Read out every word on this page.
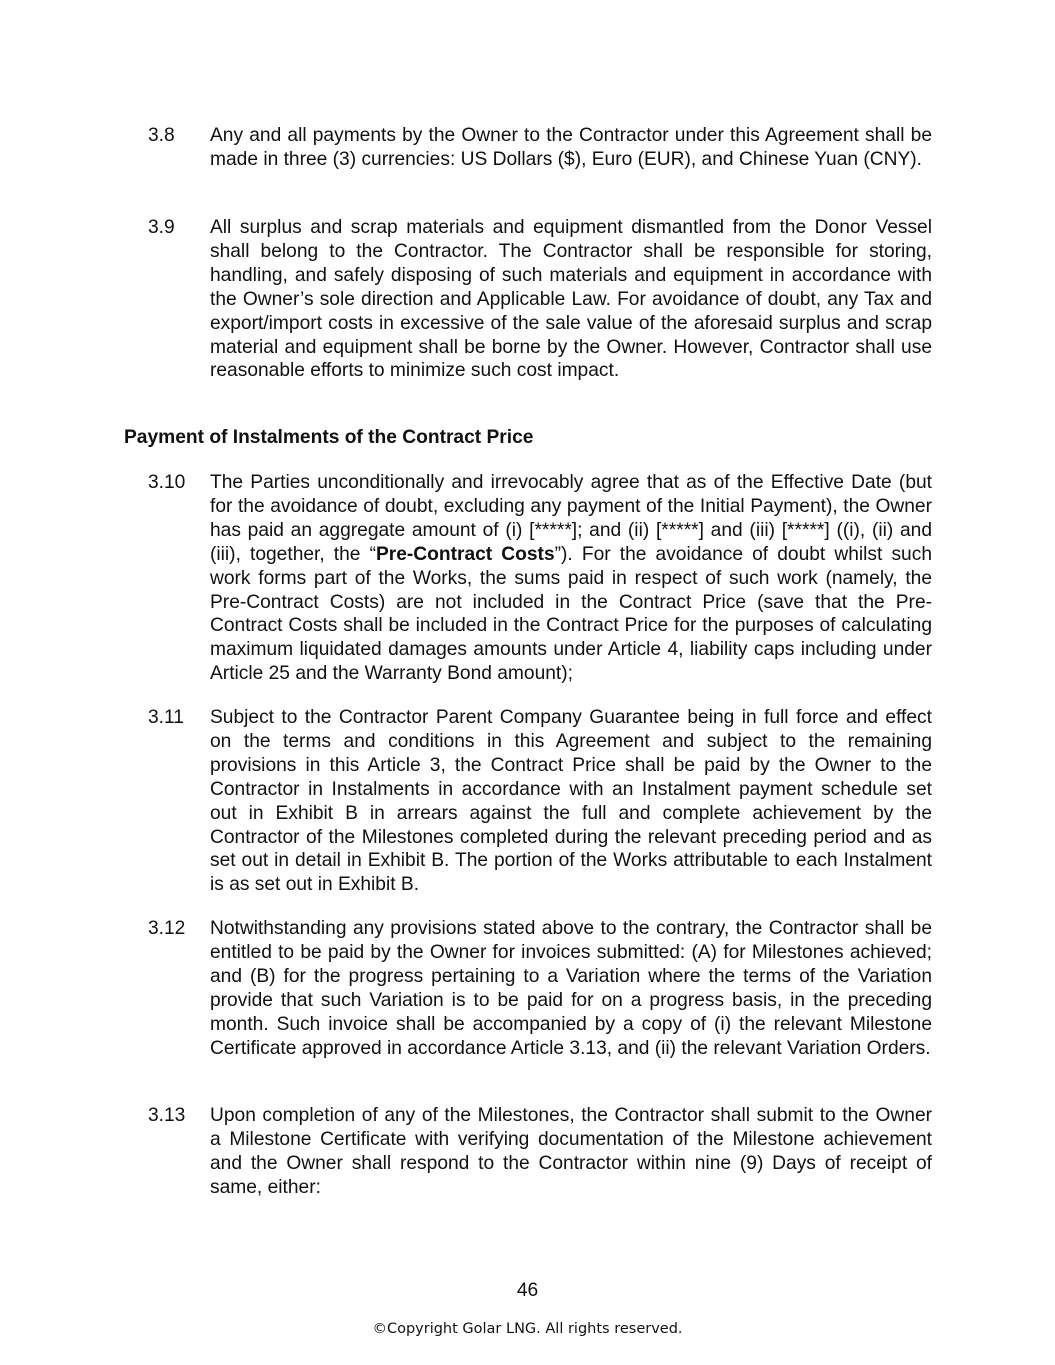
3.8	Any and all payments by the Owner to the Contractor under this Agreement shall be made in three (3) currencies: US Dollars ($), Euro (EUR), and Chinese Yuan (CNY).
3.9	All surplus and scrap materials and equipment dismantled from the Donor Vessel shall belong to the Contractor. The Contractor shall be responsible for storing, handling, and safely disposing of such materials and equipment in accordance with the Owner’s sole direction and Applicable Law. For avoidance of doubt, any Tax and export/import costs in excessive of the sale value of the aforesaid surplus and scrap material and equipment shall be borne by the Owner. However, Contractor shall use reasonable efforts to minimize such cost impact.
Payment of Instalments of the Contract Price
3.10	The Parties unconditionally and irrevocably agree that as of the Effective Date (but for the avoidance of doubt, excluding any payment of the Initial Payment), the Owner has paid an aggregate amount of (i) [*****]; and (ii) [*****] and (iii) [*****] ((i), (ii) and (iii), together, the “Pre-Contract Costs”). For the avoidance of doubt whilst such work forms part of the Works, the sums paid in respect of such work (namely, the Pre-Contract Costs) are not included in the Contract Price (save that the Pre-Contract Costs shall be included in the Contract Price for the purposes of calculating maximum liquidated damages amounts under Article 4, liability caps including under Article 25 and the Warranty Bond amount);
3.11	Subject to the Contractor Parent Company Guarantee being in full force and effect on the terms and conditions in this Agreement and subject to the remaining provisions in this Article 3, the Contract Price shall be paid by the Owner to the Contractor in Instalments in accordance with an Instalment payment schedule set out in Exhibit B in arrears against the full and complete achievement by the Contractor of the Milestones completed during the relevant preceding period and as set out in detail in Exhibit B. The portion of the Works attributable to each Instalment is as set out in Exhibit B.
3.12	Notwithstanding any provisions stated above to the contrary, the Contractor shall be entitled to be paid by the Owner for invoices submitted: (A) for Milestones achieved; and (B) for the progress pertaining to a Variation where the terms of the Variation provide that such Variation is to be paid for on a progress basis, in the preceding month. Such invoice shall be accompanied by a copy of (i) the relevant Milestone Certificate approved in accordance Article 3.13, and (ii) the relevant Variation Orders.
3.13	Upon completion of any of the Milestones, the Contractor shall submit to the Owner a Milestone Certificate with verifying documentation of the Milestone achievement and the Owner shall respond to the Contractor within nine (9) Days of receipt of same, either:
46
©Copyright Golar LNG. All rights reserved.
